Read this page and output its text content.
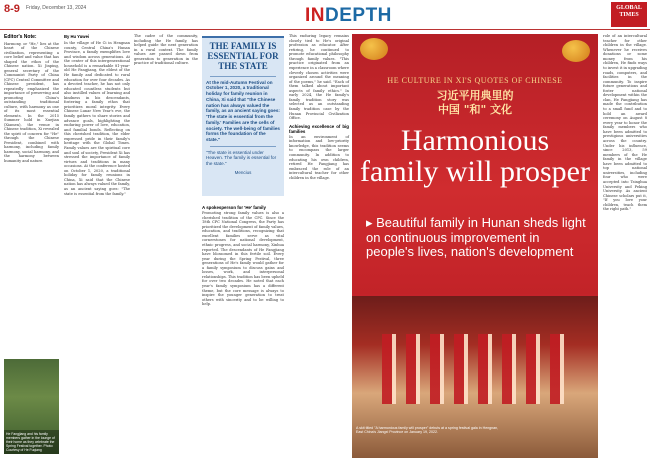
8-9 Friday, December 13, 2024	INDEPTH	GLOBAL
TIMES
Editor's Note:
Harmony, or "He," lies at the heart of the Chinese civilization, representing a core belief and value that has shaped the ethos of the Chinese nation. Xi Jinping, general secretary of the Communist Party of China (CPC) Central Committee and Chinese president, has repeatedly emphasized the importance of preserving and promoting China's outstanding traditional culture, with harmony as one of its most essential elements. In the 2015 Summer hold in Xuejian (Xiamen), the venue in Chinese tradition, Xi revealed the spirit of concern for "He" through the Chinese President, combined with harmony, including family harmony, social harmony, and the harmony between humanity and nature.
He Fangjiang and his family members gather in the lounge of their home as they celebrate the Spring Festival together. Photo: Courtesy of He Fuqiang
By Hu Yuwei
In the village of He Ci in Hengnan county, Central China's Hunan Province, a family exemplifies love and wisdom across generations. At the center of this intergenerational household is a remarkable 81-year-old He Fangjiang, the eldest of the He family and dedicated to rural education for over four decades. As a devoted teacher, he has not only educated countless students but also instilled values of learning and kindness in his descendants, fostering a family ethos that prioritizes moral integrity. Every Chinese Lunar New Year's eve, the family gathers to share stories and advance goals, highlighting the enduring power of love, education, and familial bonds. Reflecting on this cherished tradition, the elder expressed pride in their family's heritage with the Global Times. Family values are the spiritual core and soul of society, President Xi has stressed the importance of family virtues and traditions in many occasions. At the conference hosted on October 1, 2020, a traditional holiday for family reunions in China, Xi said that the Chinese nation has always valued the family, as an ancient saying goes: "The state is essential from the family."
The cadre of the community, including the He family, has helped guide the next generation in a rural context. The family values are passed down from generation to generation in the practice of traditional culture.
THE FAMILY IS ESSENTIAL FOR THE STATE
At the mid-Autumn Festival on October 1, 2020, a traditional holiday for family reunion in China, Xi said that "the Chinese nation has always valued the family, as an ancient saying goes: 'The state is essential from the family.' Families are the cells of society. The well-being of families forms the foundation of the state."
"The state is essential under Heaven. The family is essential for the state."
Mencius
A spokesperson for 'He' family
Promoting strong family values is also a cherished tradition of the CPC. Since the 18th CPC National Congress, the Party has prioritized the development of family values, education, and traditions, recognizing that excellent families serve as vital cornerstones for national development, ethnic progress, and social harmony, Xinhua reported. The descendants of He Fangjiang have blossomed in this fertile soil. Every year during the Spring Festival, three generations of He's family would gather for a family symposium to discuss gains and losses, work, and interpersonal relationships. This tradition has been upheld for over two decades. He noted that each year's family symposium has a different theme, but the core message is always to inspire the younger generation to treat others with sincerity and to be willing to help.
This enduring legacy remains closely tied to He's original profession as educator. After retiring, he continued to promote educational philosophy through family values. "This practice originated from an experience in a classroom where cleverly chosen activities were organized around the meaning of the poems," he said. "Each of them talked about important aspects of family ethics." In early 2024, the He family's family tradition story was selected as an outstanding family tradition case by the Hunan Provincial Civilization Office.
Achieving excellence of big families
In an environment of information and low-priority knowledge, this tradition seems to encompass the larger community. In addition to educating his own children, retired He Fangjiang has embraced the role of an intercultural teacher for other children in the village.
HE CULTURE IN XI'S QUOTES OF CHINESE
习近平用典里的
中国 "和" 文化
Harmonious family will prosper
▸ Beautiful family in Hunan sheds light on continuous improvement in people's lives, nation's development
A skit titled "A harmonious family will prosper" debuts at a spring festival gala in Hengnan, East China's Jiangxi Province on January 19, 2022.
role of an intercultural teacher for other children in the village. Whenever he receives donations or some money from his children, He finds ways to invest it in upgrading roads, computers, and facilities in the community. To inspire future generations and foster national development within the clan, He Fangjiang has made the contribution to a small fund and to hold an award ceremony on August 8 every year to honor the family members who have been admitted to prestigious universities across the country. Under his influence, since 2013, 59 members of the He family in the village have been admitted to top national universities, including four who were accepted into Tsinghua University and Peking University. As ancient Chinese scholars put it, "If you love your children, teach them the right path."
